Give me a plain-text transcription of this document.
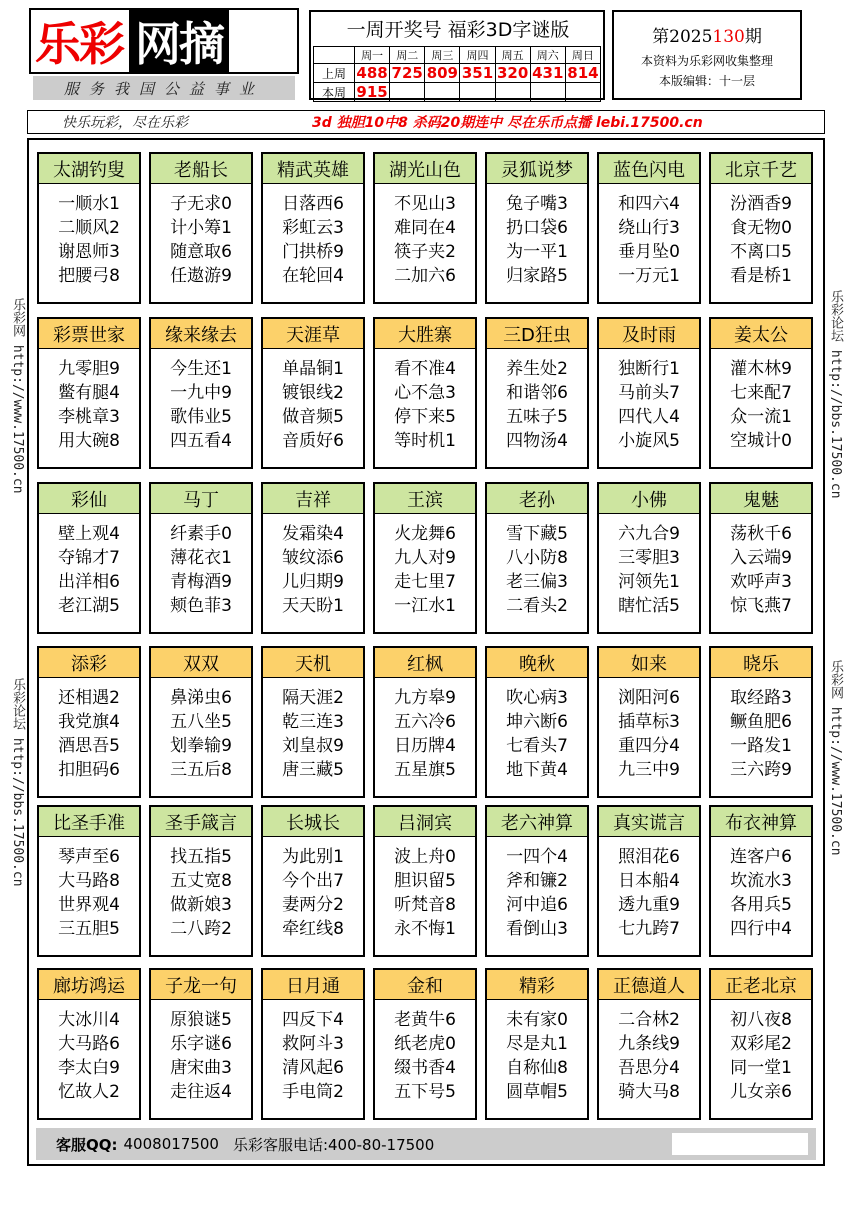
乐彩 网摘
服务我国公益事业
一周开奖号 福彩3D字谜版
	周一	周二	周三	周四	周五	周六	周日
上周	488	725	809	351	320	431	814
本周	915						
第2025130期
本资料为乐彩网收集整理
本版编辑：十一层
快乐玩彩，尽在乐彩	3d 独胆10中8 杀码20期连中 尽在乐币点播 lebi.17500.cn
乐彩网 http://www.17500.cn
乐彩论坛 http://bbs.17500.cn
乐彩论坛 http://bbs.17500.cn
乐彩网 http://www.17500.cn
太湖钓叟
一顺水1
二顺风2
谢恩师3
把腰弓8
老船长
子无求0
计小筹1
随意取6
任遨游9
精武英雄
日落西6
彩虹云3
门拱桥9
在轮回4
湖光山色
不见山3
难同在4
筷子夹2
二加六6
灵狐说梦
兔子嘴3
扔口袋6
为一平1
归家路5
蓝色闪电
和四六4
绕山行3
垂月坠0
一万元1
北京千艺
汾酒香9
食无物0
不离口5
看是桥1
彩票世家
九零胆9
鳖有腿4
李桃章3
用大碗8
缘来缘去
今生还1
一九中9
歌伟业5
四五看4
天涯草
单晶铜1
镀银线2
做音频5
音质好6
大胜寨
看不准4
心不急3
停下来5
等时机1
三D狂虫
养生处2
和谐邻6
五味子5
四物汤4
及时雨
独断行1
马前头7
四代人4
小旋风5
姜太公
灌木林9
七来配7
众一流1
空城计0
彩仙
壁上观4
夺锦才7
出洋相6
老江湖5
马丁
纤素手0
薄花衣1
青梅酒9
颊色菲3
吉祥
发霜染4
皱纹添6
儿归期9
天天盼1
王滨
火龙舞6
九人对9
走七里7
一江水1
老孙
雪下藏5
八小防8
老三偏3
二看头2
小佛
六九合9
三零胆3
河领先1
瞎忙活5
鬼魅
荡秋千6
入云端9
欢呼声3
惊飞燕7
添彩
还相遇2
我党旗4
酒思吾5
扣胆码6
双双
鼻涕虫6
五八坐5
划拳输9
三五后8
天机
隔天涯2
乾三连3
刘皇叔9
唐三藏5
红枫
九方皋9
五六冷6
日历牌4
五星旗5
晚秋
吹心病3
坤六断6
七看头7
地下黄4
如来
浏阳河6
插草标3
重四分4
九三中9
晓乐
取经路3
鳜鱼肥6
一路发1
三六跨9
比圣手准
琴声至6
大马路8
世界观4
三五胆5
圣手箴言
找五指5
五丈宽8
做新娘3
二八跨2
长城长
为此别1
今个出7
妻两分2
牵红线8
吕洞宾
波上舟0
胆识留5
听梵音8
永不悔1
老六神算
一四个4
斧和镰2
河中追6
看倒山3
真实谎言
照泪花6
日本船4
透九重9
七九跨7
布衣神算
连客户6
坎流水3
各用兵5
四行中4
廊坊鸿运
大冰川4
大马路6
李太白9
忆故人2
子龙一句
原狼谜5
乐字谜6
唐宋曲3
走往返4
日月通
四反下4
救阿斗3
清风起6
手电筒2
金和
老黄牛6
纸老虎0
缀书香4
五下号5
精彩
未有家0
尽是丸1
自称仙8
圆草帽5
正德道人
二合林2
九条线9
吾思分4
骑大马8
正老北京
初八夜8
双彩尾2
同一堂1
儿女亲6
客服QQ: 4008017500 乐彩客服电话:400-80-17500
